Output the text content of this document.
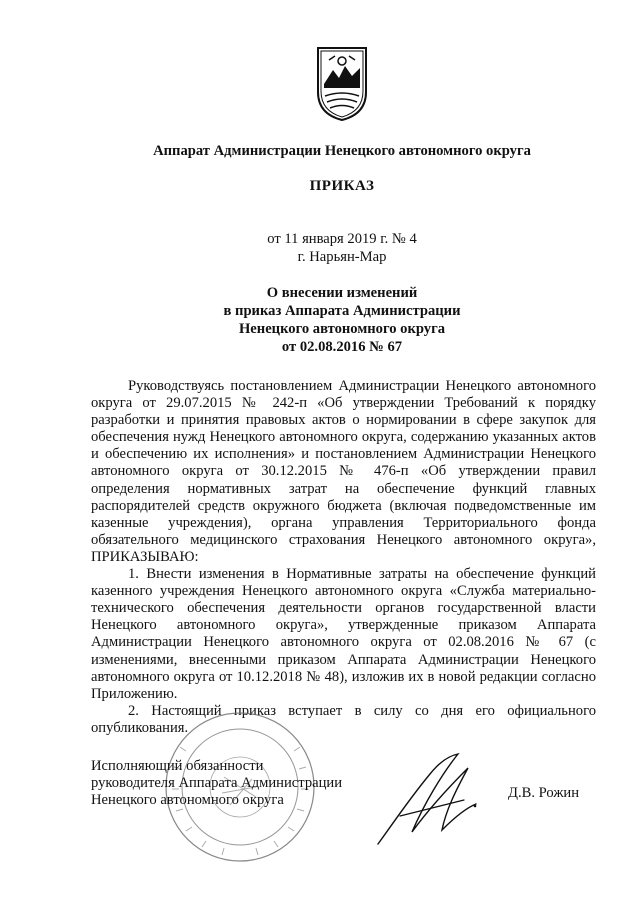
Аппарат Администрации Ненецкого автономного округа
ПРИКАЗ
от 11 января 2019 г. № 4
г. Нарьян-Мар
О внесении изменений
в приказ Аппарата Администрации
Ненецкого автономного округа
от 02.08.2016 № 67

Руководствуясь постановлением Администрации Ненецкого автономного округа от 29.07.2015 № 242-п «Об утверждении Требований к порядку разработки и принятия правовых актов о нормировании в сфере закупок для обеспечения нужд Ненецкого автономного округа, содержанию указанных актов и обеспечению их исполнения» и постановлением Администрации Ненецкого автономного округа от 30.12.2015 № 476-п «Об утверждении правил определения нормативных затрат на обеспечение функций главных распорядителей средств окружного бюджета (включая подведомственные им казенные учреждения), органа управления Территориального фонда обязательного медицинского страхования Ненецкого автономного округа», ПРИКАЗЫВАЮ:

1. Внести изменения в Нормативные затраты на обеспечение функций казенного учреждения Ненецкого автономного округа «Служба материально-технического обеспечения деятельности органов государственной власти Ненецкого автономного округа», утвержденные приказом Аппарата Администрации Ненецкого автономного округа от 02.08.2016 № 67 (с изменениями, внесенными приказом Аппарата Администрации Ненецкого автономного округа от 10.12.2018 № 48), изложив их в новой редакции согласно Приложению.

2. Настоящий приказ вступает в силу со дня его официального опубликования.

Исполняющий обязанности
руководителя Аппарата Администрации
Ненецкого автономного округа	Д.В. Рожин
